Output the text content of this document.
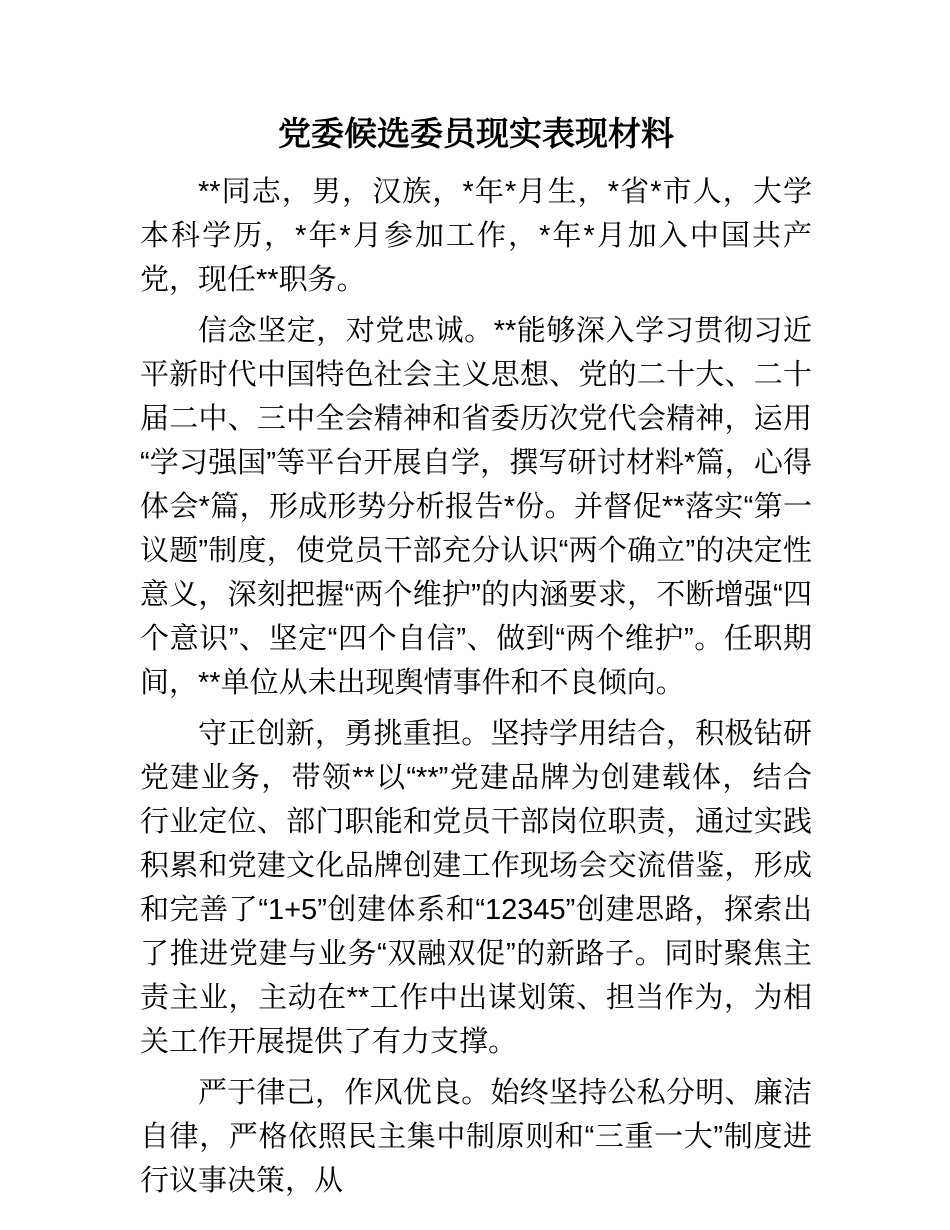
党委候选委员现实表现材料

**同志，男，汉族，*年*月生，*省*市人，大学本科学历，*年*月参加工作，*年*月加入中国共产党，现任**职务。

信念坚定，对党忠诚。**能够深入学习贯彻习近平新时代中国特色社会主义思想、党的二十大、二十届二中、三中全会精神和省委历次党代会精神，运用“学习强国”等平台开展自学，撰写研讨材料*篇，心得体会*篇，形成形势分析报告*份。并督促**落实“第一议题”制度，使党员干部充分认识“两个确立”的决定性意义，深刻把握“两个维护”的内涵要求，不断增强“四个意识”、坚定“四个自信”、做到“两个维护”。任职期间，**单位从未出现舆情事件和不良倾向。

守正创新，勇挑重担。坚持学用结合，积极钻研党建业务，带领**以“**”党建品牌为创建载体，结合行业定位、部门职能和党员干部岗位职责，通过实践积累和党建文化品牌创建工作现场会交流借鉴，形成和完善了“1+5”创建体系和“12345”创建思路，探索出了推进党建与业务“双融双促”的新路子。同时聚焦主责主业，主动在**工作中出谋划策、担当作为，为相关工作开展提供了有力支撑。

严于律己，作风优良。始终坚持公私分明、廉洁自律，严格依照民主集中制原则和“三重一大”制度进行议事决策，从
